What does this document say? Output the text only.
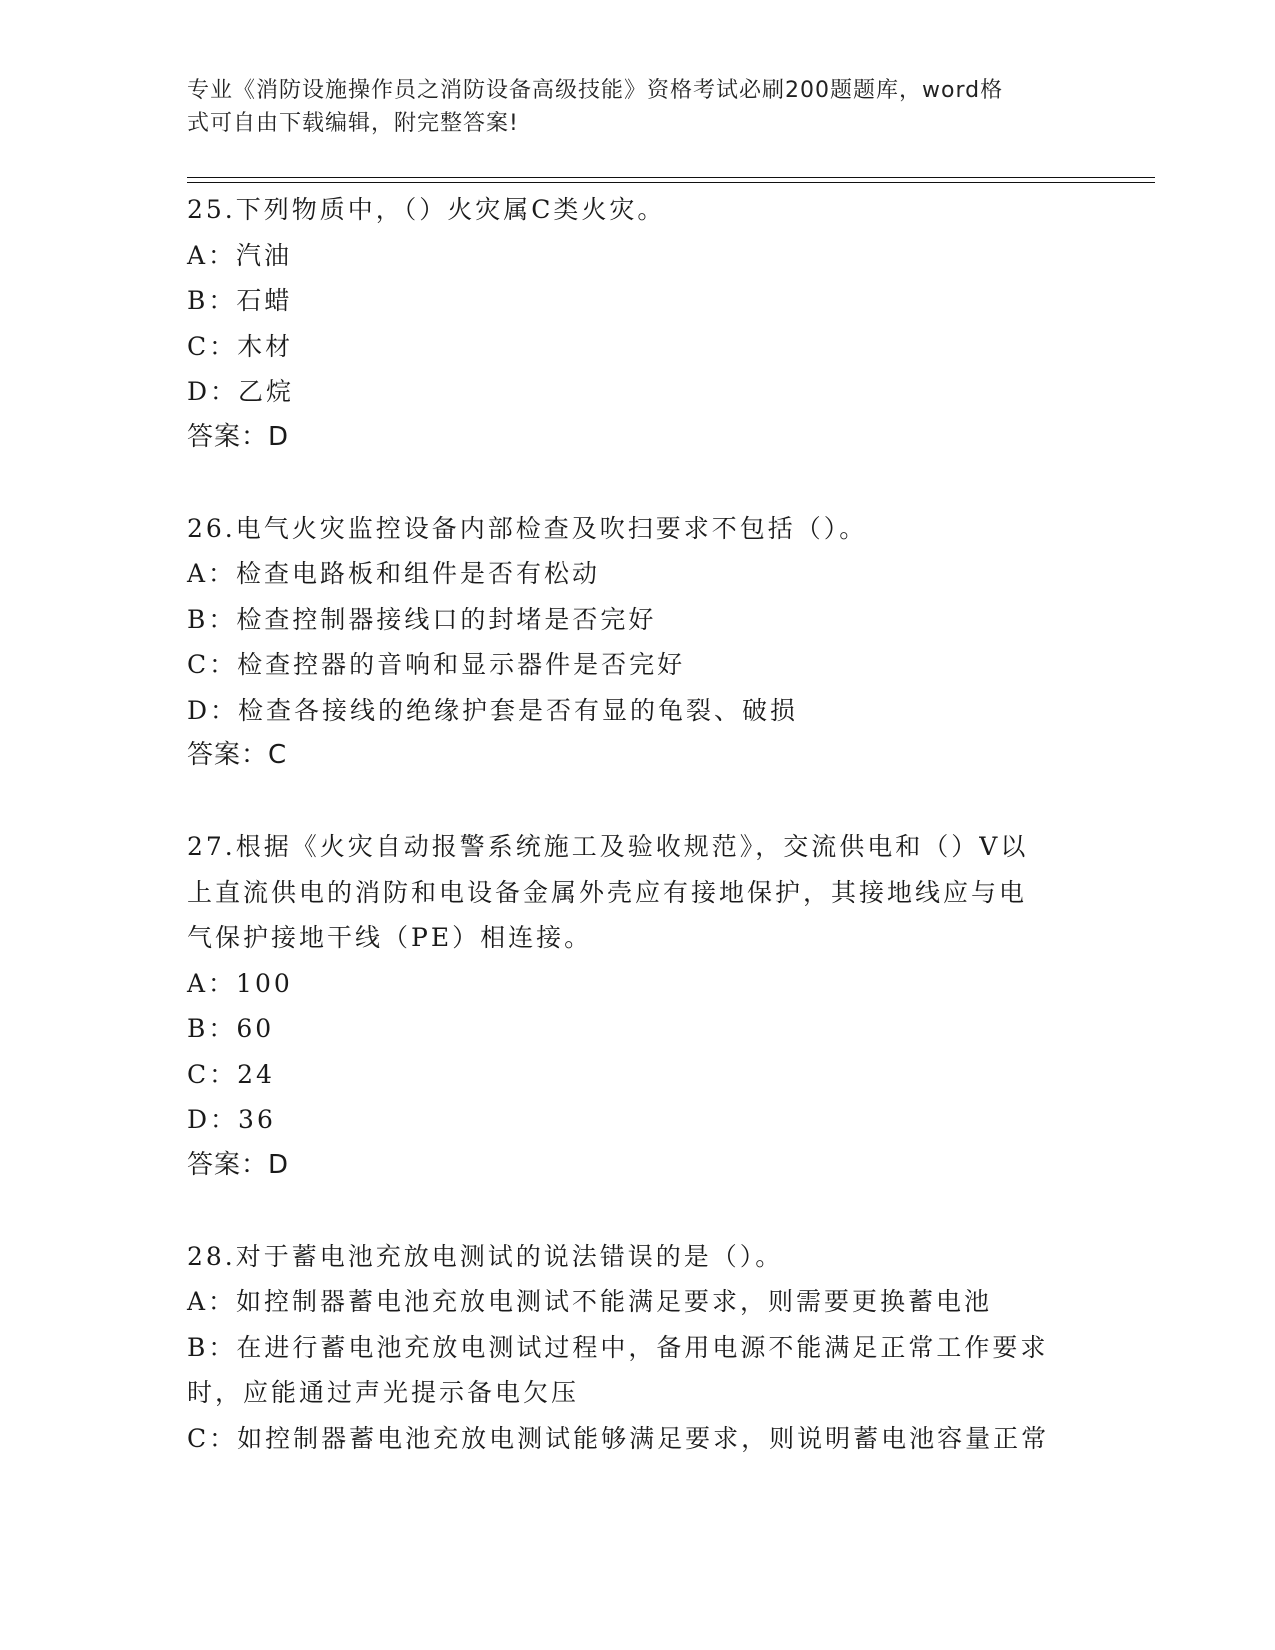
专业《消防设施操作员之消防设备高级技能》资格考试必刷200题题库，word格
式可自由下载编辑，附完整答案!

25.下列物质中，（）火灾属C类火灾。

A：汽油

B：石蜡

C：木材

D：乙烷

答案：D

26.电气火灾监控设备内部检查及吹扫要求不包括（）。

A：检查电路板和组件是否有松动

B：检查控制器接线口的封堵是否完好

C：检查控器的音响和显示器件是否完好

D：检查各接线的绝缘护套是否有显的龟裂、破损

答案：C

27.根据《火灾自动报警系统施工及验收规范》，交流供电和（）V以

上直流供电的消防和电设备金属外壳应有接地保护，其接地线应与电

气保护接地干线（PE）相连接。

A：100

B：60

C：24

D：36

答案：D

28.对于蓄电池充放电测试的说法错误的是（）。

A：如控制器蓄电池充放电测试不能满足要求，则需要更换蓄电池

B：在进行蓄电池充放电测试过程中，备用电源不能满足正常工作要求

时，应能通过声光提示备电欠压

C：如控制器蓄电池充放电测试能够满足要求，则说明蓄电池容量正常
